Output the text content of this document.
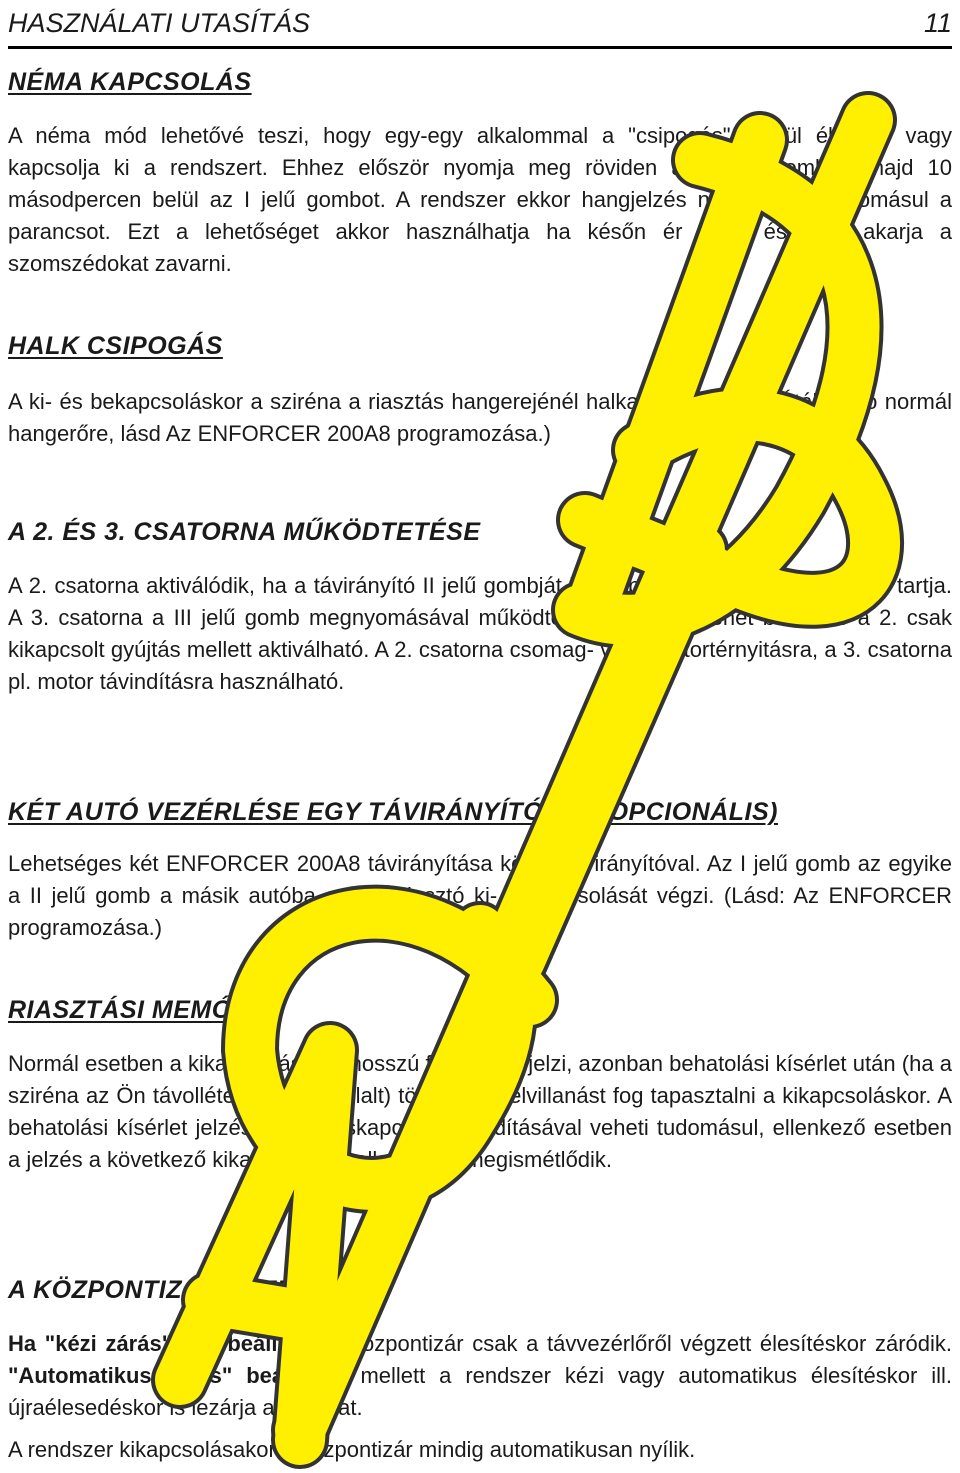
HASZNÁLATI UTASÍTÁS	11
NÉMA KAPCSOLÁS
A néma mód lehetővé teszi, hogy egy-egy alkalommal a "csipogás" nélkül élesítse vagy kapcsolja ki a rendszert. Ehhez először nyomja meg röviden a II jelű gombot, majd 10 másodpercen belül az I jelű gombot. A rendszer ekkor hangjelzés nélkül veszi tudomásul a parancsot. Ezt a lehetőséget akkor használhatja ha későn ér haza és nem akarja a szomszédokat zavarni.
HALK CSIPOGÁS
A ki- és bekapcsoláskor a sziréna a riasztás hangerejénél halkabban csipog. (Átállítható normál hangerőre, lásd Az ENFORCER 200A8 programozása.)
A 2. ÉS 3. CSATORNA MŰKÖDTETÉSE
A 2. csatorna aktiválódik, ha a távirányító II jelű gombját legalább 3 másodpercig nyomva tartja. A 3. csatorna a III jelű gomb megnyomásával működtethető. A 3. kimenet bármikor a 2. csak kikapcsolt gyújtás mellett aktiválható. A 2. csatorna csomag- vagy motortérnyitásra, a 3. csatorna pl. motor távindításra használható.
KÉT AUTÓ VEZÉRLÉSE EGY TÁVIRÁNYÍTÓVAL (OPCIONÁLIS)
Lehetséges két ENFORCER 200A8 távirányítása közös távirányítóval. Az I jelű gomb az egyike a II jelű gomb a másik autóba szerelt riasztó ki- bekapcsolását végzi. (Lásd: Az ENFORCER programozása.)
RIASZTÁSI MEMÓRIA
Normál esetben a kikapcsolást két hosszú felvillanás jelzi, azonban behatolási kísérlet után (ha a sziréna az Ön távollétében megszólalt) több rövid felvillanást fog tapasztalni a kikapcsoláskor. A behatolási kísérlet jelzést a gyújtáskapcsoló elfordításával veheti tudomásul, ellenkező esetben a jelzés a következő kikapcsolások alkalmával megismétlődik.
A KÖZPONTIZÁR VEZÉRLÉSE
Ha "kézi zárás" van beállítva, a központizár csak a távvezérlőről végzett élesítéskor záródik. "Automatikus zárás" beállítása mellett a rendszer kézi vagy automatikus élesítéskor ill. újraélesedéskor is lezárja az ajtókat.
A rendszer kikapcsolásakor a központizár mindig automatikusan nyílik.
